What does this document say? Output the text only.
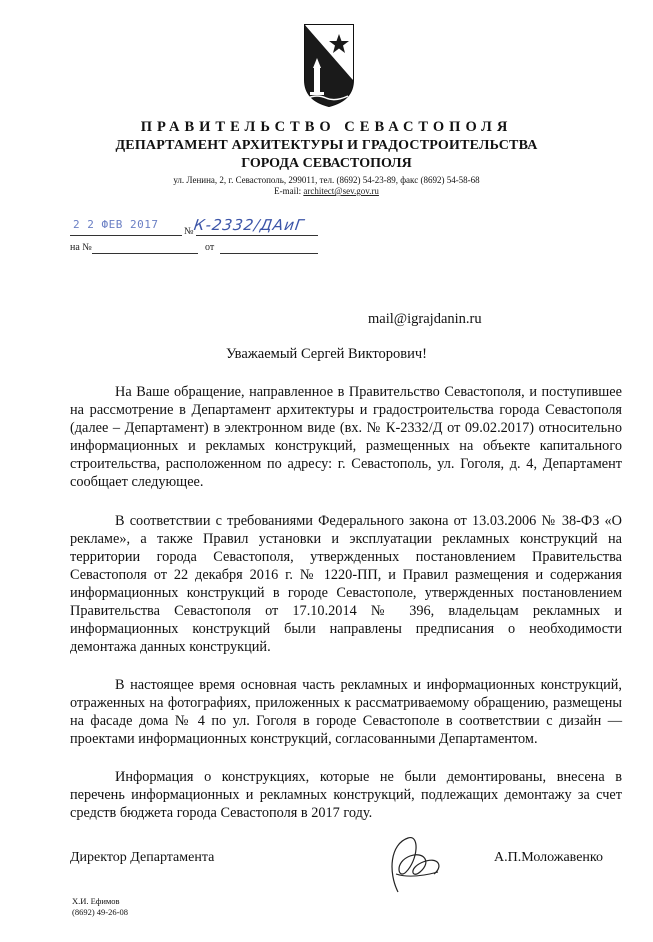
ПРАВИТЕЛЬСТВО СЕВАСТОПОЛЯ
ДЕПАРТАМЕНТ АРХИТЕКТУРЫ И ГРАДОСТРОИТЕЛЬСТВА
ГОРОДА СЕВАСТОПОЛЯ
ул. Ленина, 2, г. Севастополь, 299011, тел. (8692) 54-23-89, факс (8692) 54-58-68
E-mail: architect@sev.gov.ru
2 2 ФЕВ 2017
№ К-2332/ДАиГ
на №	от
mail@igrajdanin.ru
Уважаемый Сергей Викторович!

На Ваше обращение, направленное в Правительство Севастополя, и поступившее на рассмотрение в Департамент архитектуры и градостроительства города Севастополя (далее – Департамент) в электронном виде (вх. № К-2332/Д от 09.02.2017) относительно информационных и рекламых конструкций, размещенных на объекте капитального строительства, расположенном по адресу: г. Севастополь, ул. Гоголя, д. 4, Департамент сообщает следующее.

В соответствии с требованиями Федерального закона от 13.03.2006 № 38-ФЗ «О рекламе», а также Правил установки и эксплуатации рекламных конструкций на территории города Севастополя, утвержденных постановлением Правительства Севастополя от 22 декабря 2016 г. № 1220-ПП, и Правил размещения и содержания информационных конструкций в городе Севастополе, утвержденных постановлением Правительства Севастополя от 17.10.2014 № 396, владельцам рекламных и информационных конструкций были направлены предписания о необходимости демонтажа данных конструкций.

В настоящее время основная часть рекламных и информационных конструкций, отраженных на фотографиях, приложенных к рассматриваемому обращению, размещены на фасаде дома № 4 по ул. Гоголя в городе Севастополе в соответствии с дизайн — проектами информационных конструкций, согласованными Департаментом.

Информация о конструкциях, которые не были демонтированы, внесена в перечень информационных и рекламных конструкций, подлежащих демонтажу за счет средств бюджета города Севастополя в 2017 году.

Директор Департамента	А.П.Моложавенко
Х.И. Ефимов
(8692) 49-26-08
